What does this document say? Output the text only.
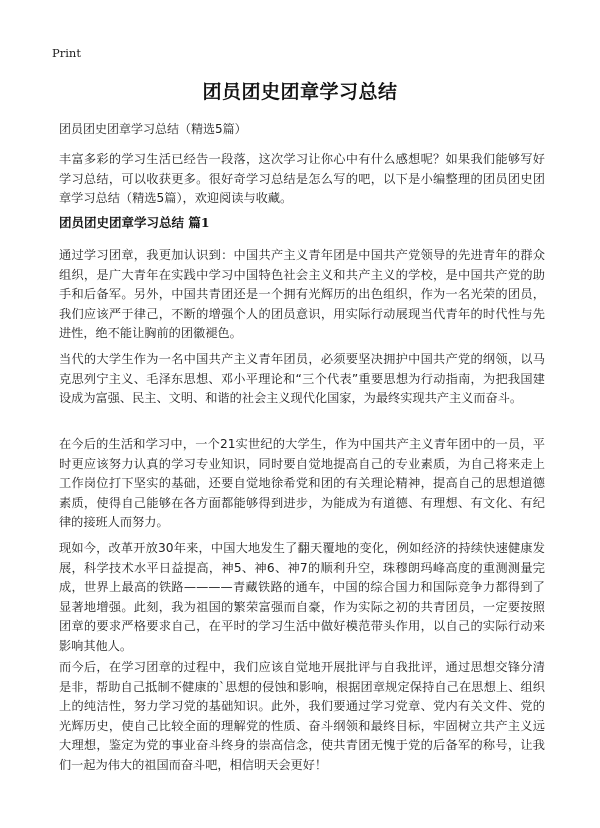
Print
团员团史团章学习总结

团员团史团章学习总结（精选5篇）

丰富多彩的学习生活已经告一段落，这次学习让你心中有什么感想呢？如果我们能够写好学习总结，可以收获更多。很好奇学习总结是怎么写的吧，以下是小编整理的团员团史团章学习总结（精选5篇），欢迎阅读与收藏。

团员团史团章学习总结 篇1

通过学习团章，我更加认识到：中国共产主义青年团是中国共产党领导的先进青年的群众组织，是广大青年在实践中学习中国特色社会主义和共产主义的学校，是中国共产党的助手和后备军。另外，中国共青团还是一个拥有光辉历的出色组织，作为一名光荣的团员，我们应该严于律己，不断的增强个人的团员意识，用实际行动展现当代青年的时代性与先进性，绝不能让胸前的团徽褪色。

当代的大学生作为一名中国共产主义青年团员，必须要坚决拥护中国共产党的纲领，以马克思列宁主义、毛泽东思想、邓小平理论和“三个代表”重要思想为行动指南，为把我国建设成为富强、民主、文明、和谐的社会主义现代化国家，为最终实现共产主义而奋斗。

在今后的生活和学习中，一个21实世纪的大学生，作为中国共产主义青年团中的一员，平时更应该努力认真的学习专业知识，同时要自觉地提高自己的专业素质，为自己将来走上工作岗位打下坚实的基础，还要自觉地徐希党和团的有关理论精神，提高自己的思想道德素质，使得自己能够在各方面都能够得到进步，为能成为有道德、有理想、有文化、有纪律的接班人而努力。

现如今，改革开放30年来，中国大地发生了翻天覆地的变化，例如经济的持续快速健康发展，科学技术水平日益提高，神5、神6、神7的顺利升空，珠穆朗玛峰高度的重测测量完成，世界上最高的铁路————青藏铁路的通车，中国的综合国力和国际竞争力都得到了显著地增强。此刻，我为祖国的繁荣富强而自豪，作为实际之初的共青团员，一定要按照团章的要求严格要求自己，在平时的学习生活中做好模范带头作用，以自己的实际行动来影响其他人。

而今后，在学习团章的过程中，我们应该自觉地开展批评与自我批评，通过思想交锋分清是非，帮助自己抵制不健康的`思想的侵蚀和影响，根据团章规定保持自己在思想上、组织上的纯洁性，努力学习党的基础知识。此外，我们要通过学习党章、党内有关文件、党的光辉历史，使自己比较全面的理解党的性质、奋斗纲领和最终目标，牢固树立共产主义远大理想，鉴定为党的事业奋斗终身的崇高信念，使共青团无愧于党的后备军的称号，让我们一起为伟大的祖国而奋斗吧，相信明天会更好！
